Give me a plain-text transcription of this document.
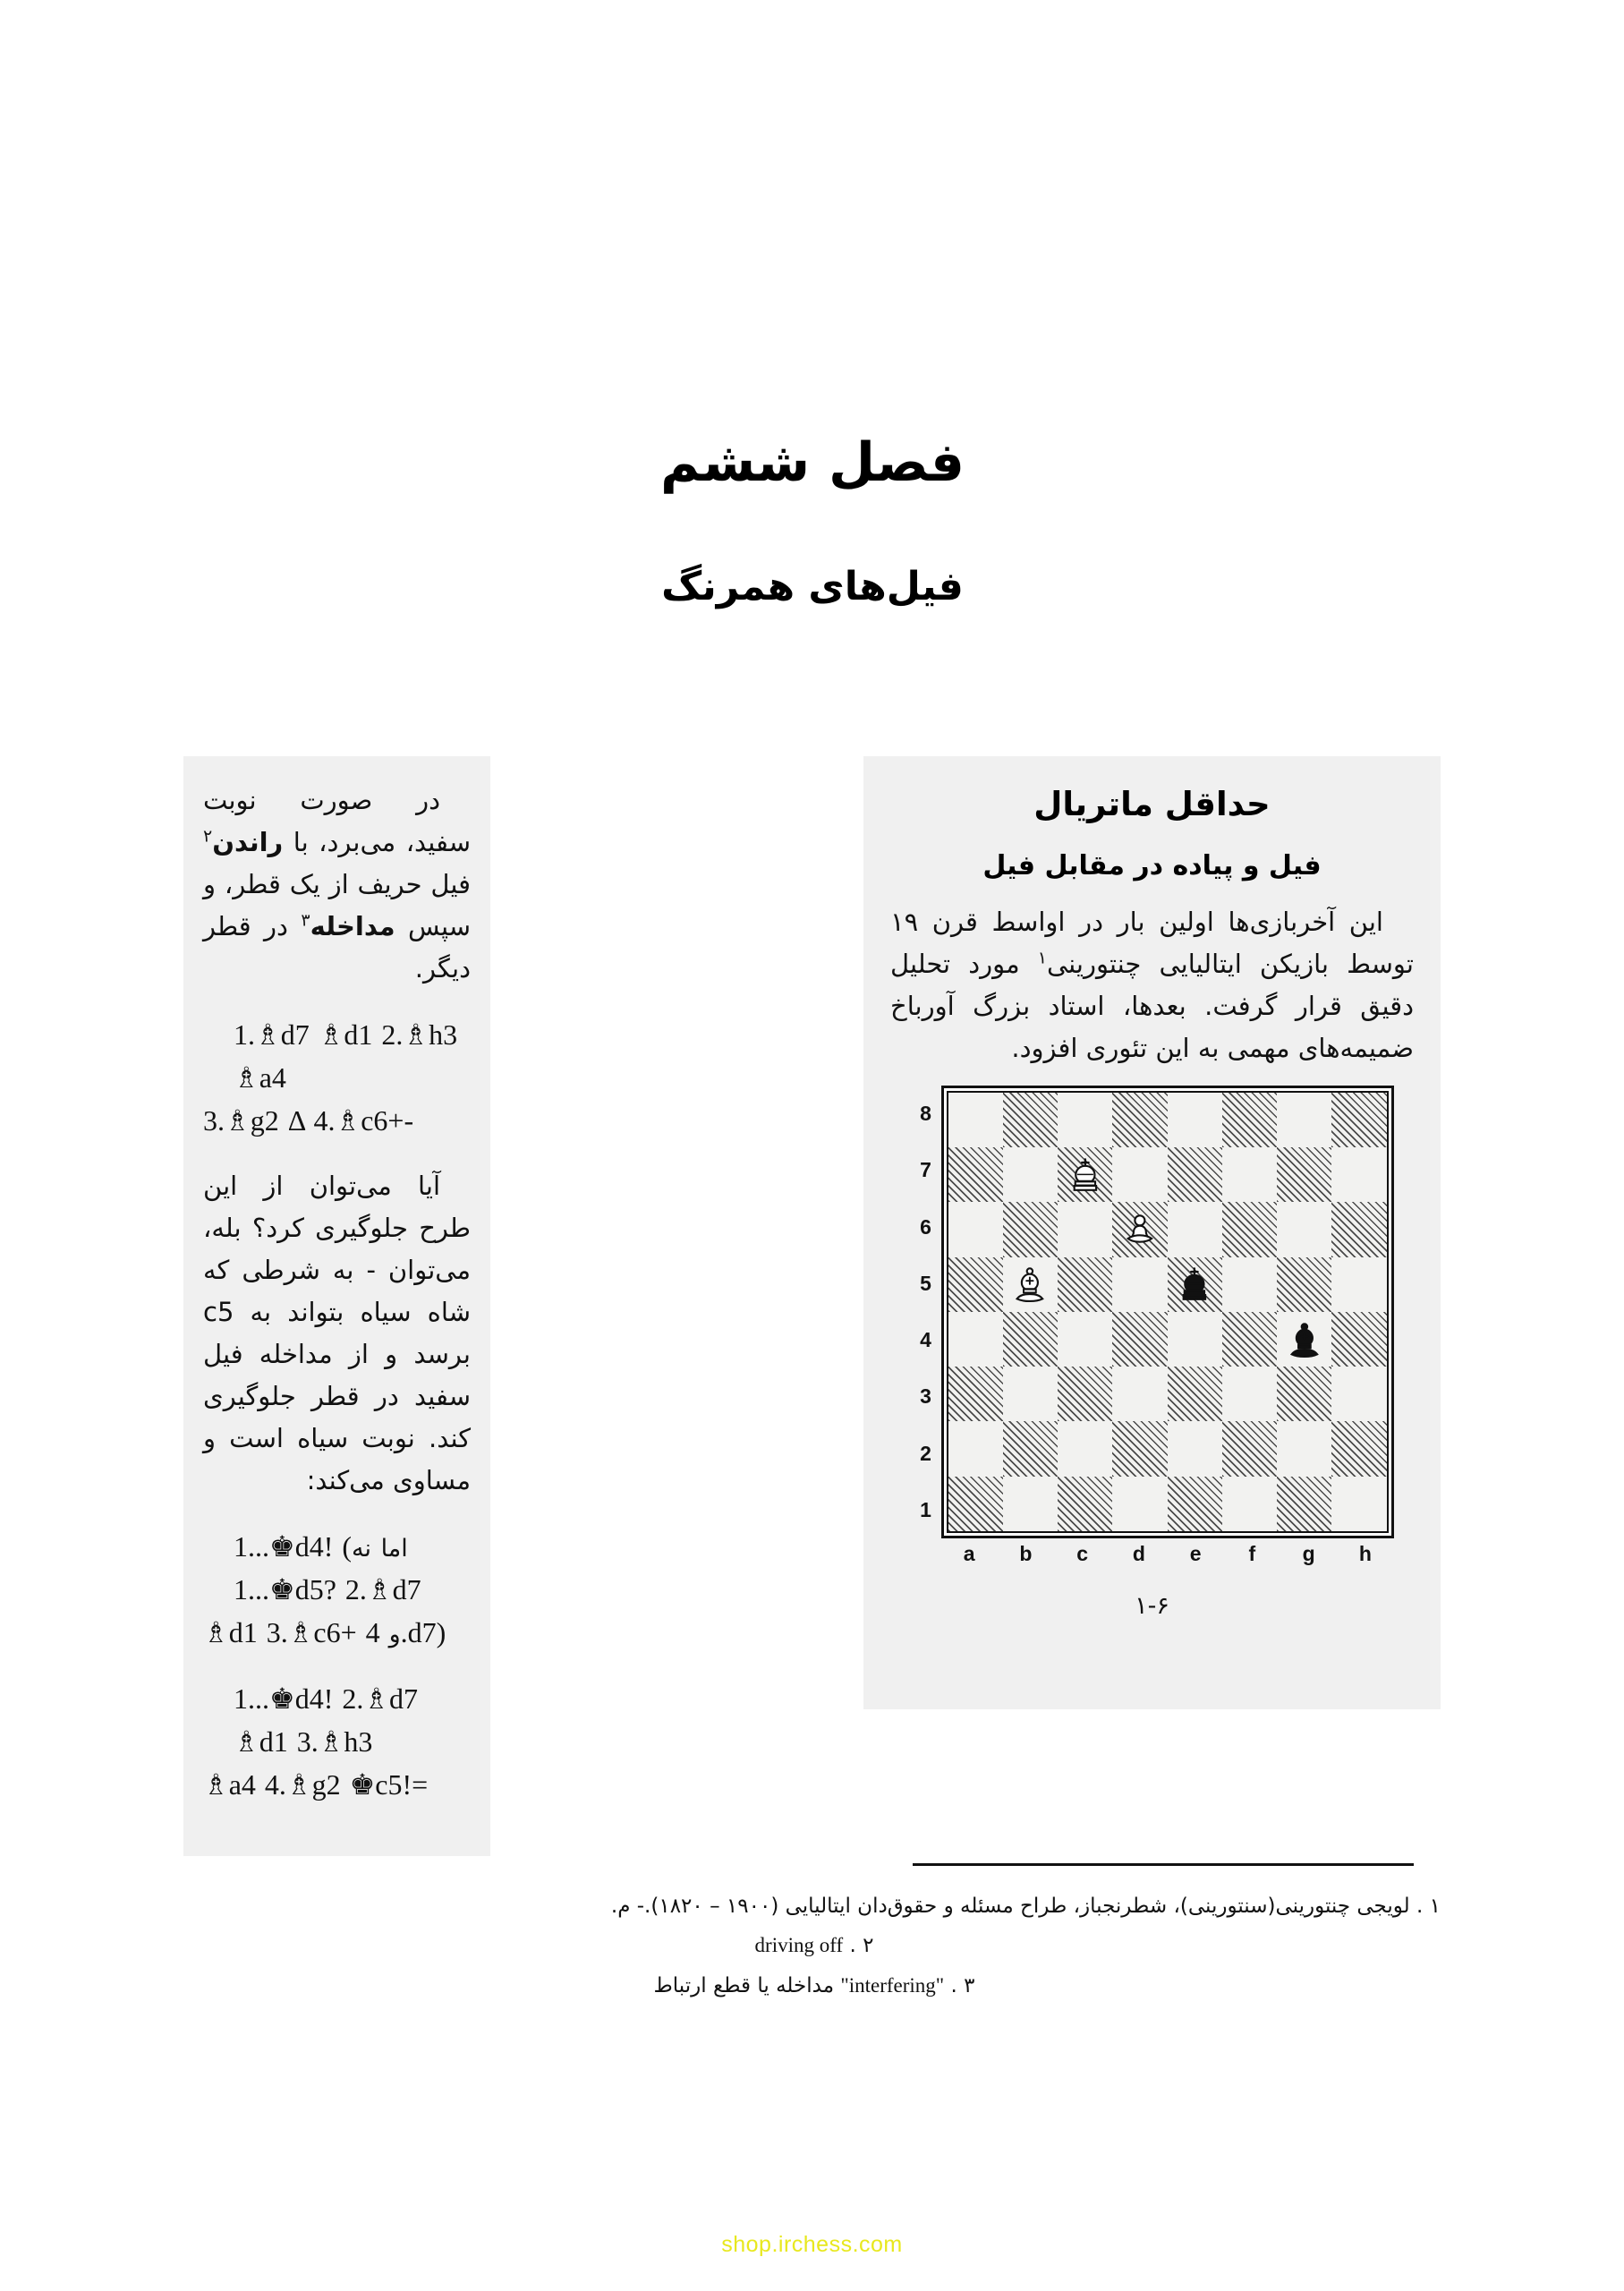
فصل ششم
فیل‌های همرنگ
حداقل ماتریال
فیل و پیاده در مقابل فیل

این آخربازی‌ها اولین بار در اواسط قرن ۱۹ توسط بازیکن ایتالیایی چنتورینی$^۱$ مورد تحلیل دقیق قرار گرفت. بعدها، استاد بزرگ آورباخ ضمیمه‌های مهمی به این تئوری افزود.

8
7
6
5
4
3
2
1
a	b	c	d	e	f	g	h
۱-۶

در صورت نوبت سفید، می‌برد، با راندن$^۲$ فیل حریف از یک قطر، و سپس مداخله$^۳$ در قطر دیگر.

1.♗d7 ♗d1 2.♗h3 ♗a4
3.♗g2 Δ 4.♗c6+-

آیا می‌توان از این طرح جلوگیری کرد؟ بله، می‌توان - به شرطی که شاه سیاه بتواند به c5 برسد و از مداخله فیل سفید در قطر جلوگیری کند. نوبت سیاه است و مساوی می‌کند:

1...♚d4! (اما نه 1...♚d5? 2.♗d7
♗d1 3.♗c6+ و 4.d7)
1...♚d4! 2.♗d7 ♗d1 3.♗h3
♗a4 4.♗g2 ♚c5!=

۱ . لویجی چنتورینی(سنتورینی)، شطرنجباز، طراح مسئله و حقوق‌دان ایتالیایی (۱۹۰۰ – ۱۸۲۰).- م.

۲ . driving off

۳ . "interfering" مداخله یا قطع ارتباط

shop.irchess.com
